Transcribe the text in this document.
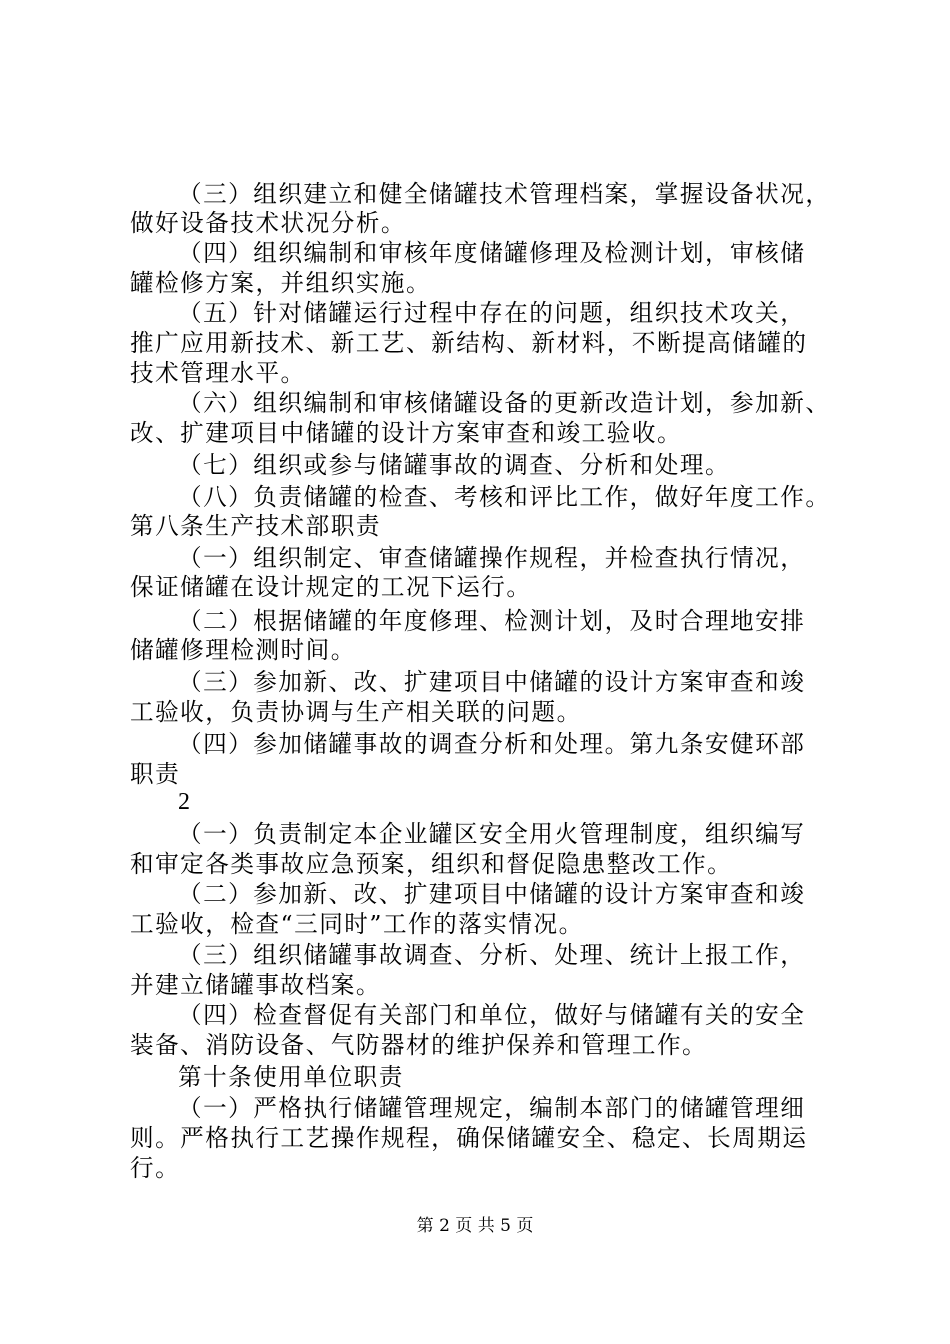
（三）组织建立和健全储罐技术管理档案，掌握设备状况，
做好设备技术状况分析。
（四）组织编制和审核年度储罐修理及检测计划，审核储
罐检修方案，并组织实施。
（五）针对储罐运行过程中存在的问题，组织技术攻关，
推广应用新技术、新工艺、新结构、新材料，不断提高储罐的
技术管理水平。
（六）组织编制和审核储罐设备的更新改造计划，参加新、
改、扩建项目中储罐的设计方案审查和竣工验收。
（七）组织或参与储罐事故的调查、分析和处理。
（八）负责储罐的检查、考核和评比工作，做好年度工作。
第八条生产技术部职责
（一）组织制定、审查储罐操作规程，并检查执行情况，
保证储罐在设计规定的工况下运行。
（二）根据储罐的年度修理、检测计划，及时合理地安排
储罐修理检测时间。
（三）参加新、改、扩建项目中储罐的设计方案审查和竣
工验收，负责协调与生产相关联的问题。
（四）参加储罐事故的调查分析和处理。第九条安健环部
职责
2
（一）负责制定本企业罐区安全用火管理制度，组织编写
和审定各类事故应急预案，组织和督促隐患整改工作。
（二）参加新、改、扩建项目中储罐的设计方案审查和竣
工验收，检查“三同时”工作的落实情况。
（三）组织储罐事故调查、分析、处理、统计上报工作，
并建立储罐事故档案。
（四）检查督促有关部门和单位，做好与储罐有关的安全
装备、消防设备、气防器材的维护保养和管理工作。
第十条使用单位职责
（一）严格执行储罐管理规定，编制本部门的储罐管理细
则。严格执行工艺操作规程，确保储罐安全、稳定、长周期运
行。
第 2 页 共 5 页
